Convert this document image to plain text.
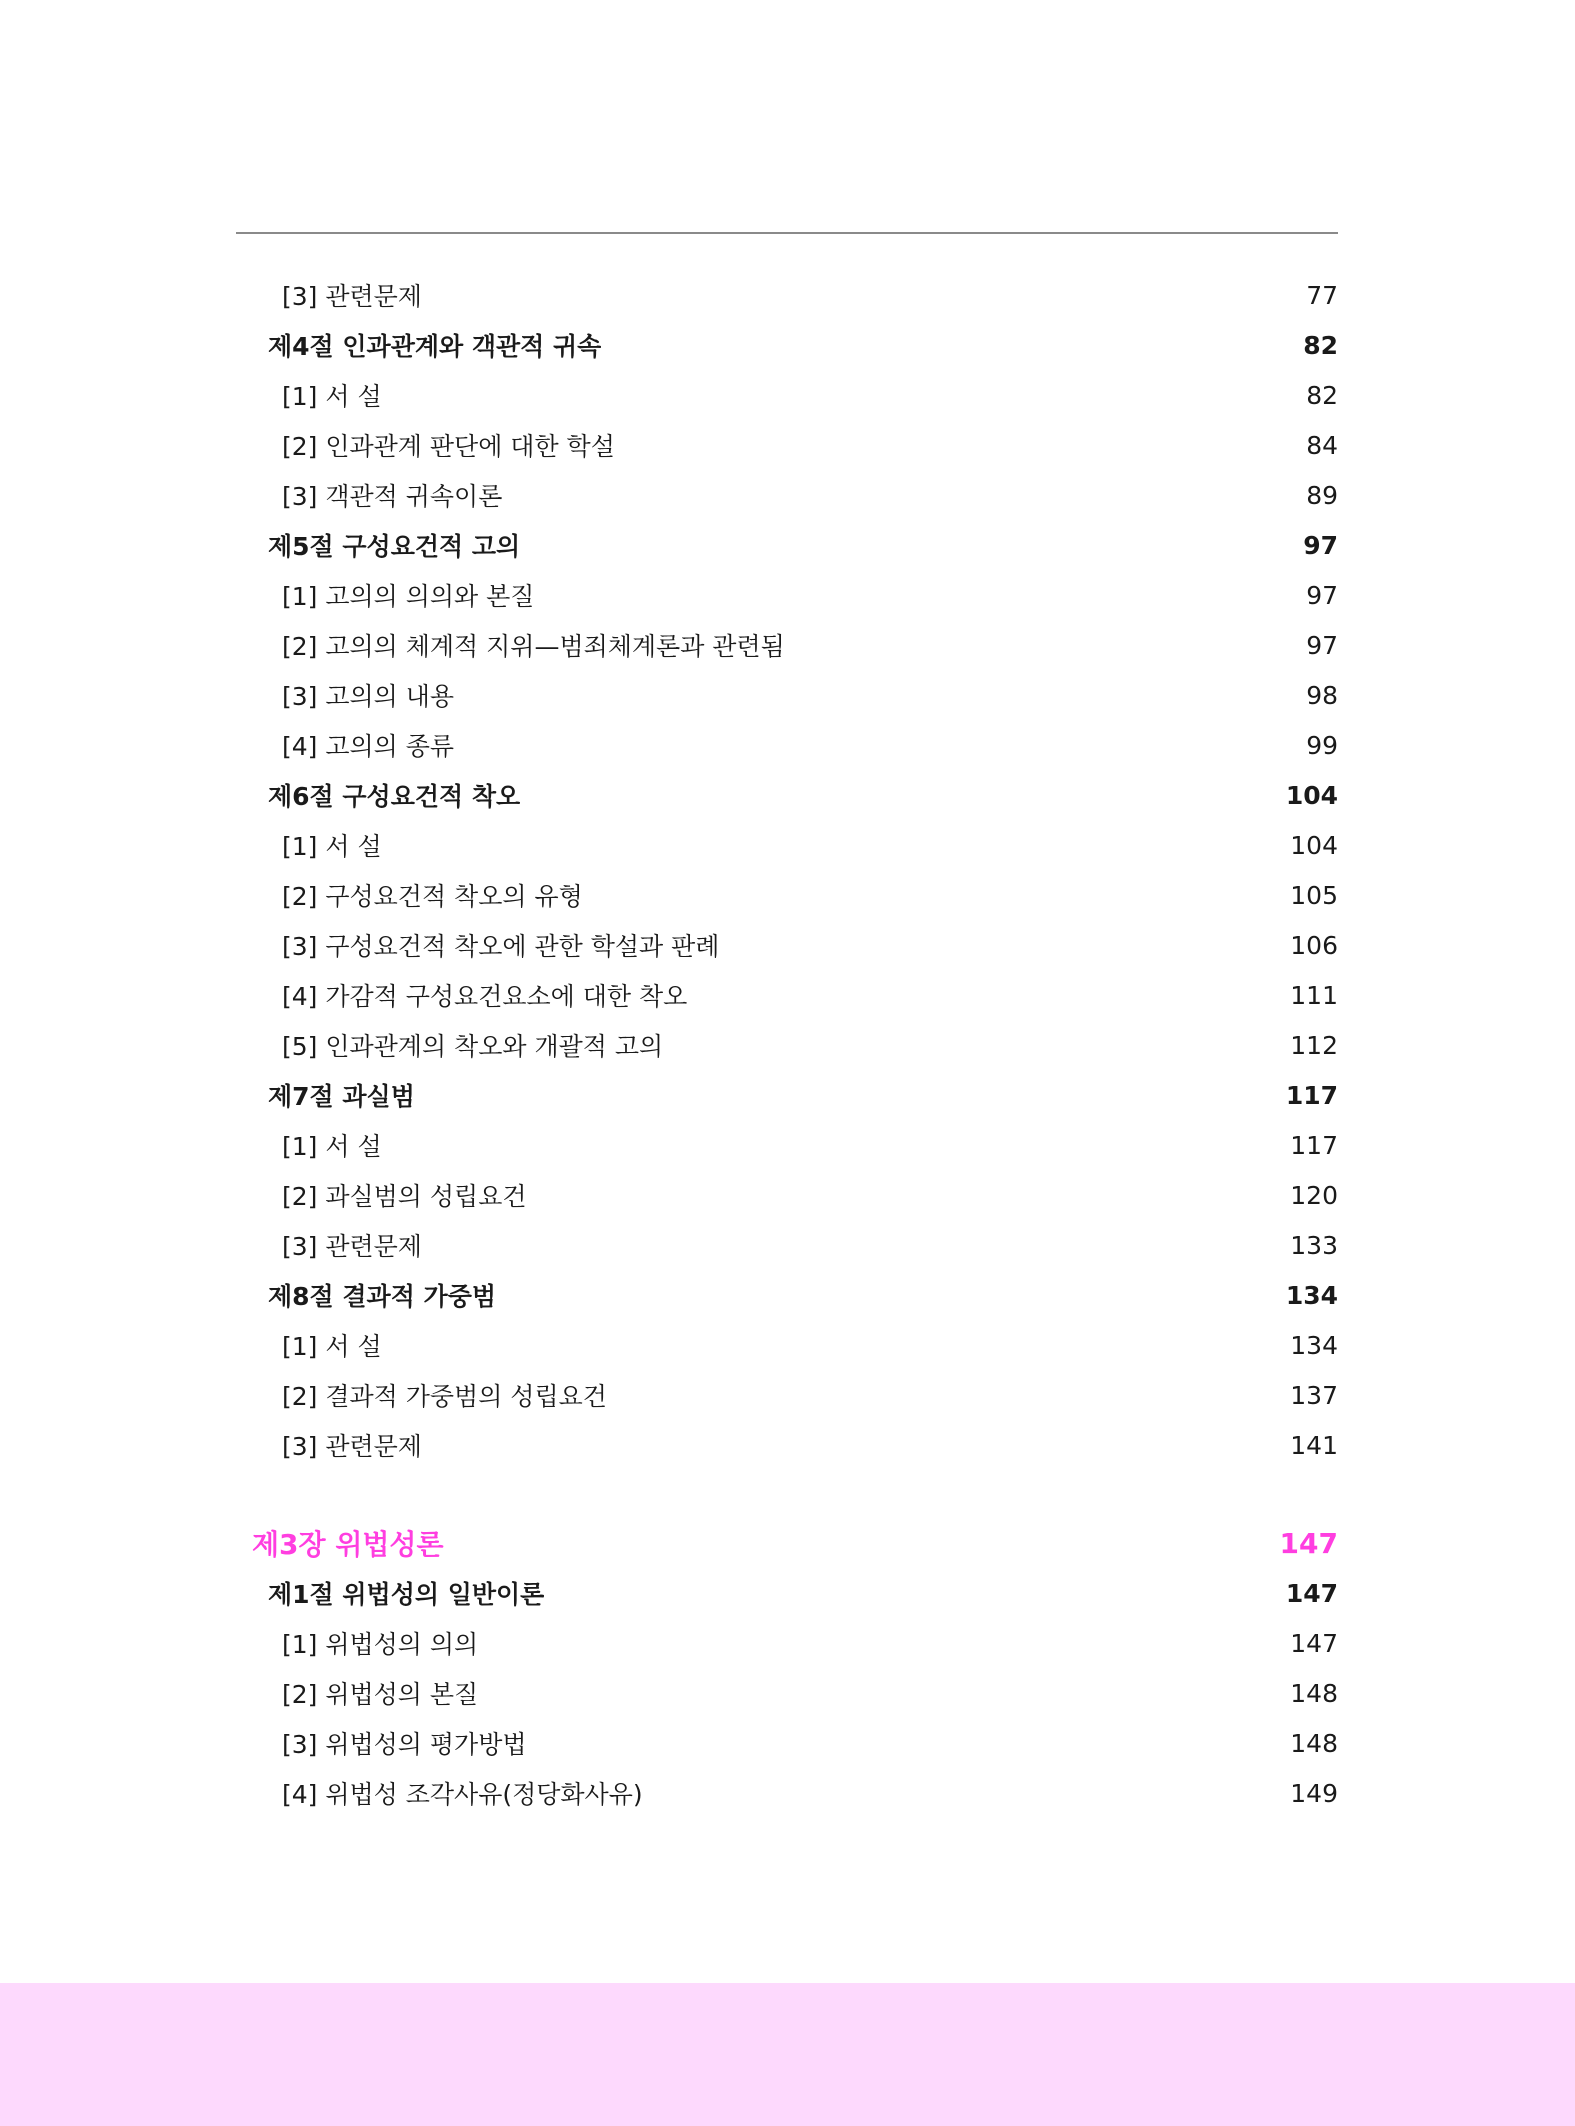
[3] 관련문제	77
제4절 인과관계와 객관적 귀속	82
[1] 서 설	82
[2] 인과관계 판단에 대한 학설	84
[3] 객관적 귀속이론	89
제5절 구성요건적 고의	97
[1] 고의의 의의와 본질	97
[2] 고의의 체계적 지위—범죄체계론과 관련됨	97
[3] 고의의 내용	98
[4] 고의의 종류	99
제6절 구성요건적 착오	104
[1] 서 설	104
[2] 구성요건적 착오의 유형	105
[3] 구성요건적 착오에 관한 학설과 판례	106
[4] 가감적 구성요건요소에 대한 착오	111
[5] 인과관계의 착오와 개괄적 고의	112
제7절 과실범	117
[1] 서 설	117
[2] 과실범의 성립요건	120
[3] 관련문제	133
제8절 결과적 가중범	134
[1] 서 설	134
[2] 결과적 가중범의 성립요건	137
[3] 관련문제	141
제3장 위법성론	147
제1절 위법성의 일반이론	147
[1] 위법성의 의의	147
[2] 위법성의 본질	148
[3] 위법성의 평가방법	148
[4] 위법성 조각사유(정당화사유)	149
